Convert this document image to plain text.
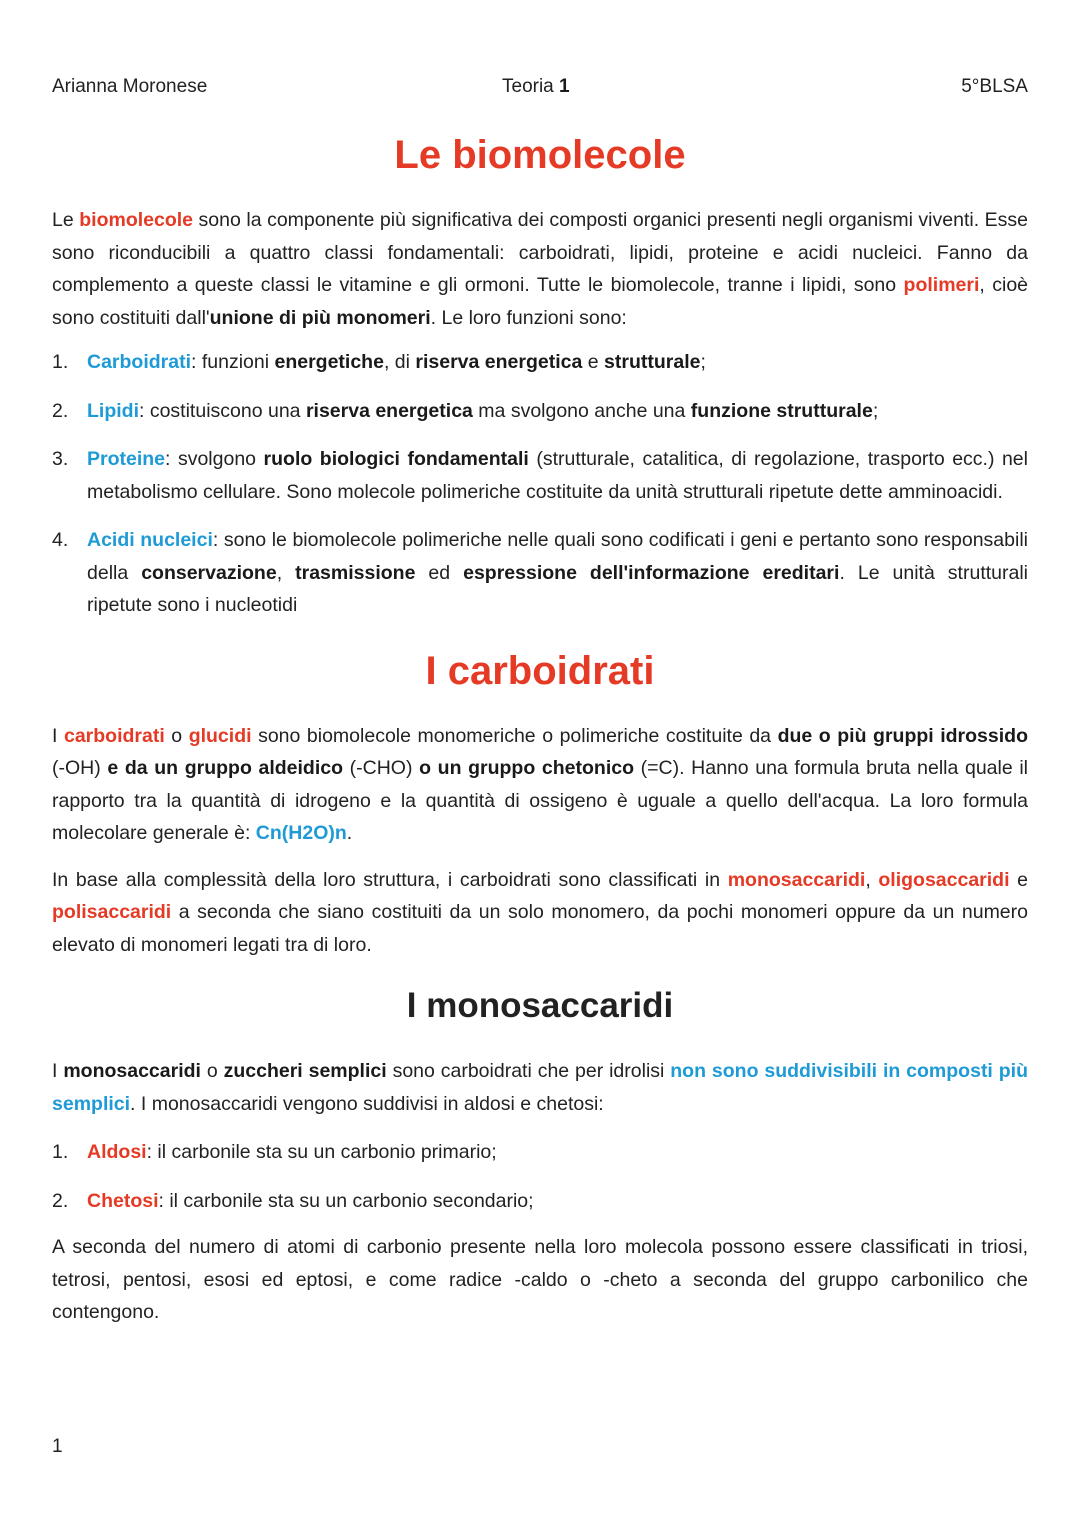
Arianna Moronese	Teoria 1	5°BLSA
Le biomolecole

Le biomolecole sono la componente più significativa dei composti organici presenti negli organismi viventi. Esse sono riconducibili a quattro classi fondamentali: carboidrati, lipidi, proteine e acidi nucleici. Fanno da complemento a queste classi le vitamine e gli ormoni. Tutte le biomolecole, tranne i lipidi, sono polimeri, cioè sono costituiti dall'unione di più monomeri. Le loro funzioni sono:

1. Carboidrati: funzioni energetiche, di riserva energetica e strutturale;
2. Lipidi: costituiscono una riserva energetica ma svolgono anche una funzione strutturale;
3. Proteine: svolgono ruolo biologici fondamentali (strutturale, catalitica, di regolazione, trasporto ecc.) nel metabolismo cellulare. Sono molecole polimeriche costituite da unità strutturali ripetute dette amminoacidi.
4. Acidi nucleici: sono le biomolecole polimeriche nelle quali sono codificati i geni e pertanto sono responsabili della conservazione, trasmissione ed espressione dell'informazione ereditari. Le unità strutturali ripetute sono i nucleotidi
I carboidrati

I carboidrati o glucidi sono biomolecole monomeriche o polimeriche costituite da due o più gruppi idrossido (-OH) e da un gruppo aldeidico (-CHO) o un gruppo chetonico (=C). Hanno una formula bruta nella quale il rapporto tra la quantità di idrogeno e la quantità di ossigeno è uguale a quello dell'acqua. La loro formula molecolare generale è: Cn(H2O)n.

In base alla complessità della loro struttura, i carboidrati sono classificati in monosaccaridi, oligosaccaridi e polisaccaridi a seconda che siano costituiti da un solo monomero, da pochi monomeri oppure da un numero elevato di monomeri legati tra di loro.

I monosaccaridi

I monosaccaridi o zuccheri semplici sono carboidrati che per idrolisi non sono suddivisibili in composti più semplici. I monosaccaridi vengono suddivisi in aldosi e chetosi:

1. Aldosi: il carbonile sta su un carbonio primario;
2. Chetosi: il carbonile sta su un carbonio secondario;

A seconda del numero di atomi di carbonio presente nella loro molecola possono essere classificati in triosi, tetrosi, pentosi, esosi ed eptosi, e come radice -caldo o -cheto a seconda del gruppo carbonilico che contengono.

1
